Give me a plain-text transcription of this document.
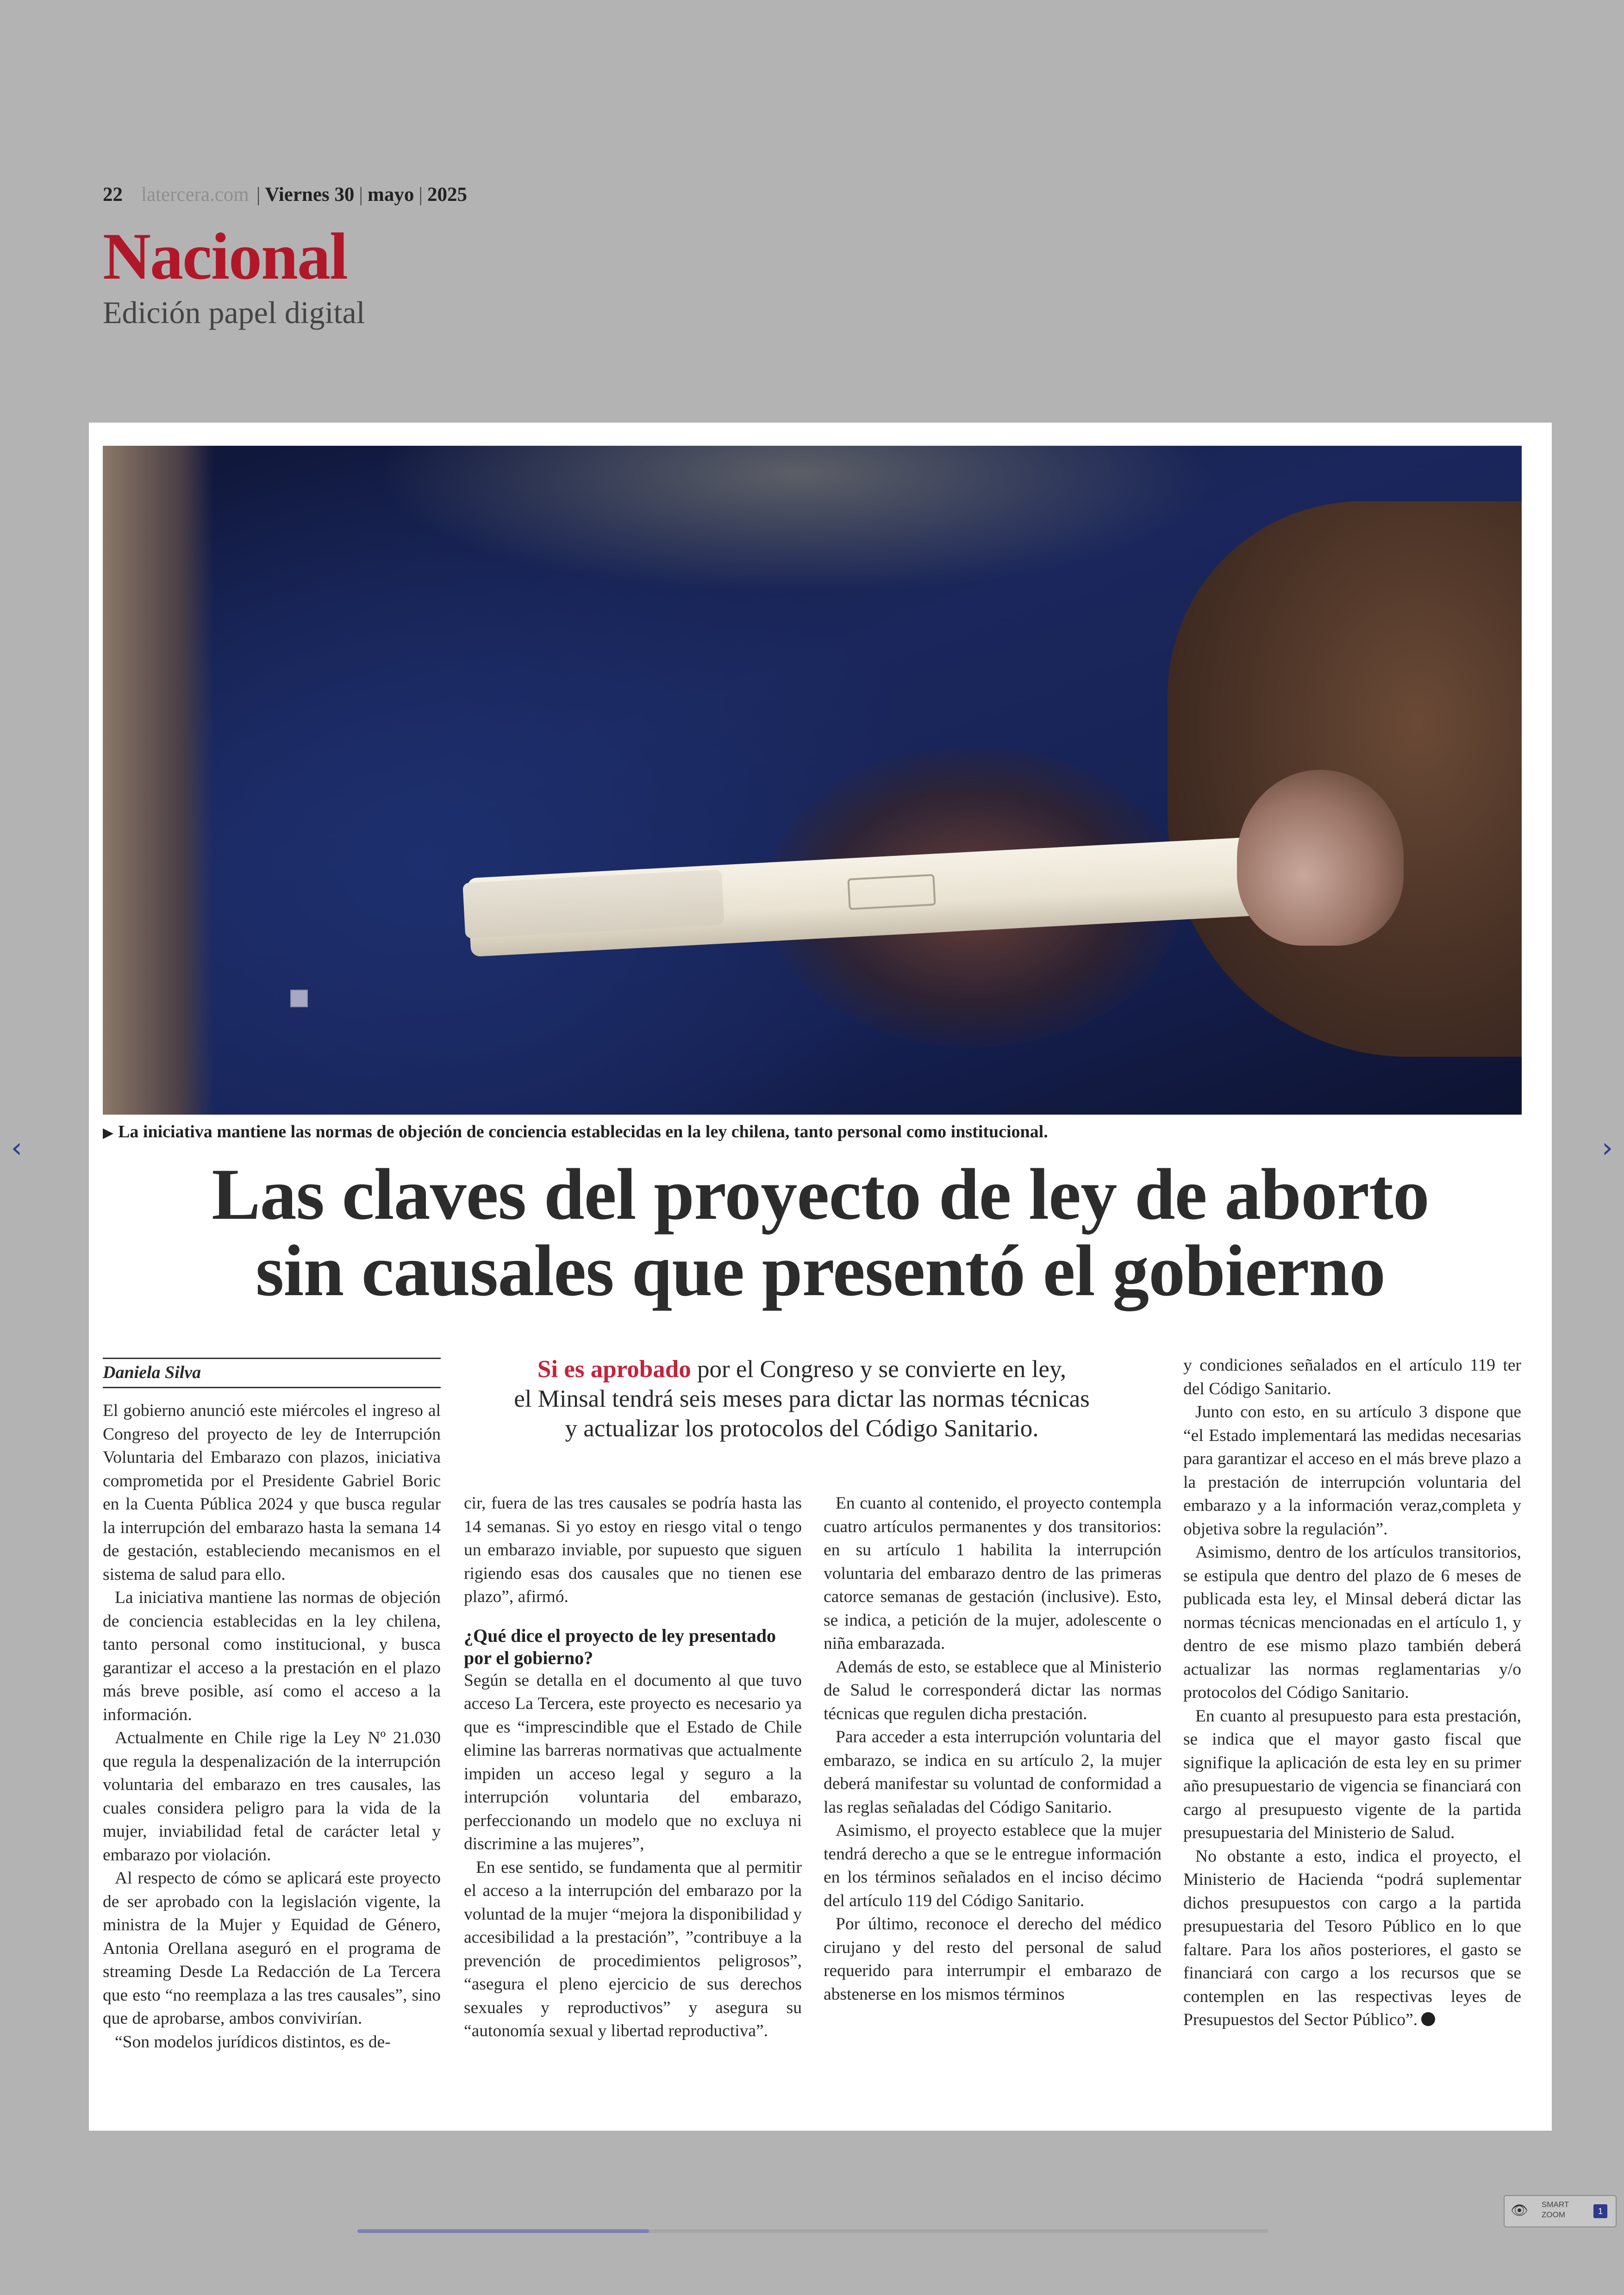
22 latercera.com | Viernes 30 | mayo | 2025
Nacional
Edición papel digital
‹	›
▶ La iniciativa mantiene las normas de objeción de conciencia establecidas en la ley chilena, tanto personal como institucional.
Las claves del proyecto de ley de aborto
sin causales que presentó el gobierno
Daniela Silva	Si es aprobado por el Congreso y se convierte en ley,
el Minsal tendrá seis meses para dictar las normas técnicas
y actualizar los protocolos del Código Sanitario.

El gobierno anunció este miércoles el ingreso al Congreso del proyecto de ley de Interrupción Voluntaria del Embarazo con plazos, iniciativa comprometida por el Presidente Gabriel Boric en la Cuenta Pública 2024 y que busca regular la interrupción del embarazo hasta la semana 14 de gestación, estableciendo mecanismos en el sistema de salud para ello.

La iniciativa mantiene las normas de objeción de conciencia establecidas en la ley chilena, tanto personal como institucional, y busca garantizar el acceso a la prestación en el plazo más breve posible, así como el acceso a la información.

Actualmente en Chile rige la Ley Nº 21.030 que regula la despenalización de la interrupción voluntaria del embarazo en tres causales, las cuales considera peligro para la vida de la mujer, inviabilidad fetal de carácter letal y embarazo por violación.

Al respecto de cómo se aplicará este proyecto de ser aprobado con la legislación vigente, la ministra de la Mujer y Equidad de Género, Antonia Orellana aseguró en el programa de streaming Desde La Redacción de La Tercera que esto “no reemplaza a las tres causales”, sino que de aprobarse, ambos convivirían.

“Son modelos jurídicos distintos, es de-

cir, fuera de las tres causales se podría hasta las 14 semanas. Si yo estoy en riesgo vital o tengo un embarazo inviable, por supuesto que siguen rigiendo esas dos causales que no tienen ese plazo”, afirmó.

¿Qué dice el proyecto de ley presentado por el gobierno?

Según se detalla en el documento al que tuvo acceso La Tercera, este proyecto es necesario ya que es “imprescindible que el Estado de Chile elimine las barreras normativas que actualmente impiden un acceso legal y seguro a la interrupción voluntaria del embarazo, perfeccionando un modelo que no excluya ni discrimine a las mujeres”,

En ese sentido, se fundamenta que al permitir el acceso a la interrupción del embarazo por la voluntad de la mujer “mejora la disponibilidad y accesibilidad a la prestación”, ”contribuye a la prevención de procedimientos peligrosos”, “asegura el pleno ejercicio de sus derechos sexuales y reproductivos” y asegura su “autonomía sexual y libertad reproductiva”.

En cuanto al contenido, el proyecto contempla cuatro artículos permanentes y dos transitorios: en su artículo 1 habilita la interrupción voluntaria del embarazo dentro de las primeras catorce semanas de gestación (inclusive). Esto, se indica, a petición de la mujer, adolescente o niña embarazada.

Además de esto, se establece que al Ministerio de Salud le corresponderá dictar las normas técnicas que regulen dicha prestación.

Para acceder a esta interrupción voluntaria del embarazo, se indica en su artículo 2, la mujer deberá manifestar su voluntad de conformidad a las reglas señaladas del Código Sanitario.

Asimismo, el proyecto establece que la mujer tendrá derecho a que se le entregue información en los términos señalados en el inciso décimo del artículo 119 del Código Sanitario.

Por último, reconoce el derecho del médico cirujano y del resto del personal de salud requerido para interrumpir el embarazo de abstenerse en los mismos términos

y condiciones señalados en el artículo 119 ter del Código Sanitario.

Junto con esto, en su artículo 3 dispone que “el Estado implementará las medidas necesarias para garantizar el acceso en el más breve plazo a la prestación de interrupción voluntaria del embarazo y a la información veraz,completa y objetiva sobre la regulación”.

Asimismo, dentro de los artículos transitorios, se estipula que dentro del plazo de 6 meses de publicada esta ley, el Minsal deberá dictar las normas técnicas mencionadas en el artículo 1, y dentro de ese mismo plazo también deberá actualizar las normas reglamentarias y/o protocolos del Código Sanitario.

En cuanto al presupuesto para esta prestación, se indica que el mayor gasto fiscal que signifique la aplicación de esta ley en su primer año presupuestario de vigencia se financiará con cargo al presupuesto vigente de la partida presupuestaria del Ministerio de Salud.

No obstante a esto, indica el proyecto, el Ministerio de Hacienda “podrá suplementar dichos presupuestos con cargo a la partida presupuestaria del Tesoro Público en lo que faltare. Para los años posteriores, el gasto se financiará con cargo a los recursos que se contemplen en las respectivas leyes de Presupuestos del Sector Público”.

👁 SMART
ZOOM	1
